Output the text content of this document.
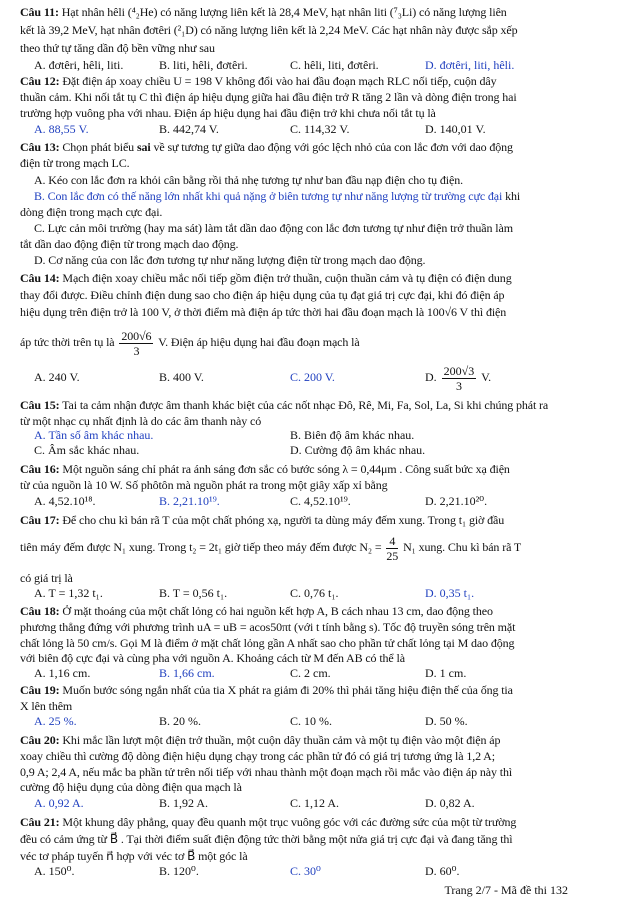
Câu 11: Hạt nhân hêli (⁴₂He) có năng lượng liên kết là 28,4 MeV, hạt nhân liti (⁷₃Li) có năng lượng liên
kết là 39,2 MeV, hạt nhân đơtêri (²₁D) có năng lượng liên kết là 2,24 MeV. Các hạt nhân này được sắp xếp
theo thứ tự tăng dần độ bền vững như sau
A. đơtêri, hêli, liti.	B. liti, hêli, đơtêri.	C. hêli, liti, đơtêri.	D. đơtêri, liti, hêli.
Câu 12: Đặt điện áp xoay chiều U = 198 V không đổi vào hai đầu đoạn mạch RLC nối tiếp, cuộn dây
thuần cảm. Khi nối tắt tụ C thì điện áp hiệu dụng giữa hai đầu điện trở R tăng 2 lần và dòng điện trong hai
trường hợp vuông pha với nhau. Điện áp hiệu dụng hai đầu điện trở khi chưa nối tắt tụ là
A. 88,55 V.	B. 442,74 V.	C. 114,32 V.	D. 140,01 V.
Câu 13: Chọn phát biểu sai về sự tương tự giữa dao động với góc lệch nhỏ của con lắc đơn với dao động
điện từ trong mạch LC.
A. Kéo con lắc đơn ra khỏi cân bằng rồi thả nhẹ tương tự như ban đầu nạp điện cho tụ điện.
B. Con lắc đơn có thế năng lớn nhất khi quả nặng ở biên tương tự như năng lượng từ trường cực đại khi
dòng điện trong mạch cực đại.
C. Lực cản môi trường (hay ma sát) làm tắt dần dao động con lắc đơn tương tự như điện trở thuần làm
tắt dần dao động điện từ trong mạch dao động.
D. Cơ năng của con lắc đơn tương tự như năng lượng điện từ trong mạch dao động.
Câu 14: Mạch điện xoay chiều mắc nối tiếp gồm điện trở thuần, cuộn thuần cảm và tụ điện có điện dung
thay đổi được. Điều chỉnh điện dung sao cho điện áp hiệu dụng của tụ đạt giá trị cực đại, khi đó điện áp
hiệu dụng trên điện trở là 100 V, ở thời điểm mà điện áp tức thời hai đầu đoạn mạch là 100√6 V thì điện
áp tức thời trên tụ là $\frac{200√6}{3} V$. Điện áp hiệu dụng hai đầu đoạn mạch là
A. 240 V.	B. 400 V.	C. 200 V.	D. $\frac{200√3}{3} V$.
Câu 15: Tai ta cảm nhận được âm thanh khác biệt của các nốt nhạc Đô, Rê, Mi, Fa, Sol, La, Si khi chúng phát ra
từ một nhạc cụ nhất định là do các âm thanh này có
A. Tần số âm khác nhau.	B. Biên độ âm khác nhau.
C. Âm sắc khác nhau.	D. Cường độ âm khác nhau.
Câu 16: Một nguồn sáng chỉ phát ra ánh sáng đơn sắc có bước sóng λ = 0,44μm . Công suất bức xạ điện
từ của nguồn là 10 W. Số phôtôn mà nguồn phát ra trong một giây xấp xỉ bằng
A. 4,52.10¹⁸.	B. 2,21.10¹⁹.	C. 4,52.10¹⁹.	D. 2,21.10²⁰.
Câu 17: Để cho chu kì bán rã T của một chất phóng xạ, người ta dùng máy đếm xung. Trong t₁ giờ đầu
tiên máy đếm được N₁ xung. Trong t₂ = 2t₁ giờ tiếp theo máy đếm được $N_2 = \frac{4}{25} N_1$ xung. Chu kì bán rã T
có giá trị là
A. T = 1,32 t₁.	B. T = 0,56 t₁.	C. 0,76 t₁.	D. 0,35 t₁.
Câu 18: Ở mặt thoáng của một chất lỏng có hai nguồn kết hợp A, B cách nhau 13 cm, dao động theo
phương thẳng đứng với phương trình uA = uB = acos50πt (với t tính bằng s). Tốc độ truyền sóng trên mặt
chất lỏng là 50 cm/s. Gọi M là điểm ở mặt chất lỏng gần A nhất sao cho phần tử chất lỏng tại M dao động
với biên độ cực đại và cùng pha với nguồn A. Khoảng cách từ M đến AB có thể là
A. 1,16 cm.	B. 1,66 cm.	C. 2 cm.	D. 1 cm.
Câu 19: Muốn bước sóng ngắn nhất của tia X phát ra giảm đi 20% thì phải tăng hiệu điện thế của ống tia
X lên thêm
A. 25 %.	B. 20 %.	C. 10 %.	D. 50 %.
Câu 20: Khi mắc lần lượt một điện trở thuần, một cuộn dây thuần cảm và một tụ điện vào một điện áp
xoay chiều thì cường độ dòng điện hiệu dụng chạy trong các phần tử đó có giá trị tương ứng là 1,2 A;
0,9 A; 2,4 A, nếu mắc ba phần tử trên nối tiếp với nhau thành một đoạn mạch rồi mắc vào điện áp này thì
cường độ hiệu dụng của dòng điện qua mạch là
A. 0,92 A.	B. 1,92 A.	C. 1,12 A.	D. 0,82 A.
Câu 21: Một khung dây phẳng, quay đều quanh một trục vuông góc với các đường sức của một từ trường
đều có cảm ứng từ B⃗ . Tại thời điểm suất điện động tức thời bằng một nửa giá trị cực đại và đang tăng thì
véc tơ pháp tuyến n⃗ hợp với véc tơ B⃗ một góc là
A. 150⁰.	B. 120⁰.	C. 30⁰	D. 60⁰.
Trang 2/7 - Mã đề thi 132
